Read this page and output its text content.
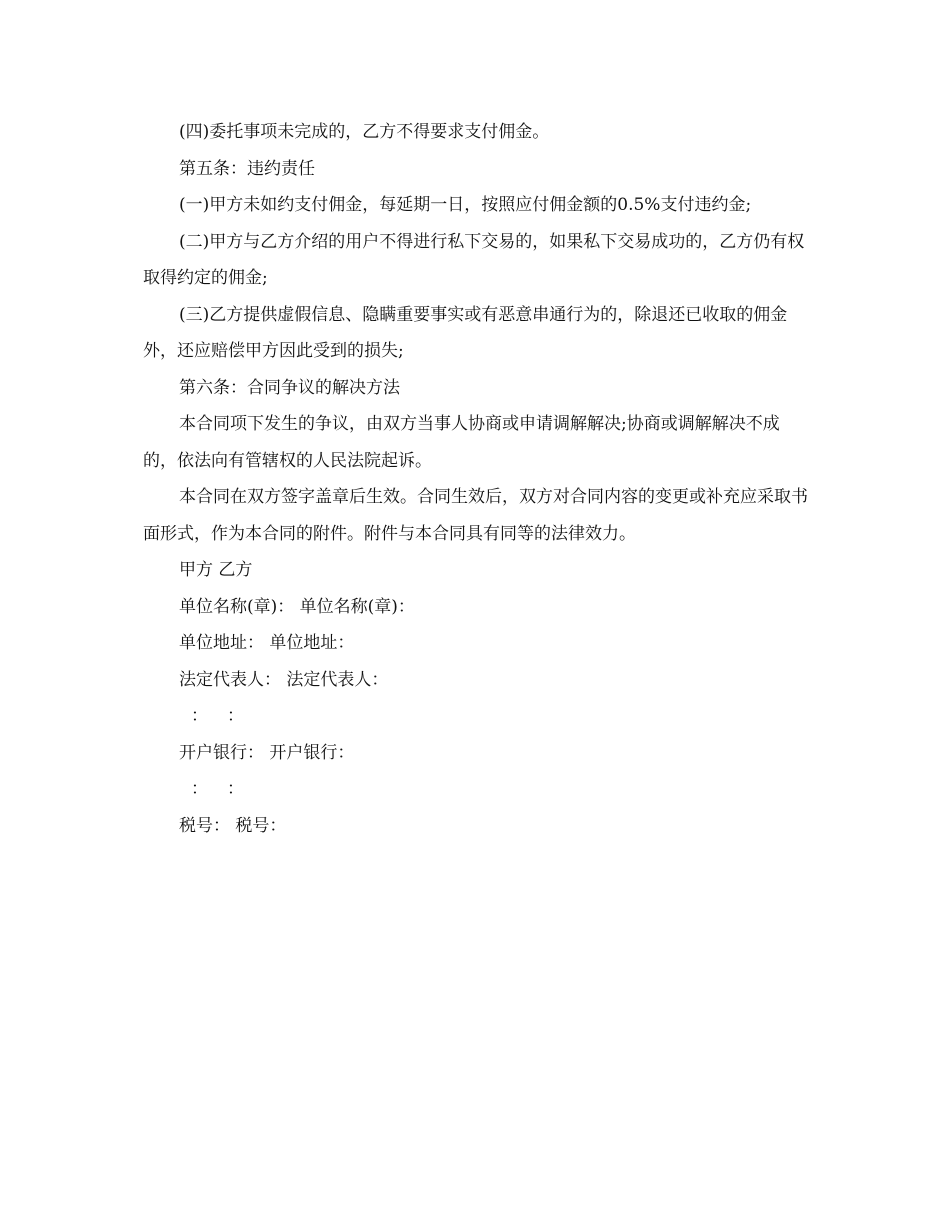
(四)委托事项未完成的，乙方不得要求支付佣金。

第五条：违约责任

(一)甲方未如约支付佣金，每延期一日，按照应付佣金额的0.5%支付违约金;

(二)甲方与乙方介绍的用户不得进行私下交易的，如果私下交易成功的，乙方仍有权取得约定的佣金;

(三)乙方提供虚假信息、隐瞒重要事实或有恶意串通行为的，除退还已收取的佣金外，还应赔偿甲方因此受到的损失;

第六条：合同争议的解决方法

本合同项下发生的争议，由双方当事人协商或申请调解解决;协商或调解解决不成的，依法向有管辖权的人民法院起诉。

本合同在双方签字盖章后生效。合同生效后，双方对合同内容的变更或补充应采取书面形式，作为本合同的附件。附件与本合同具有同等的法律效力。

甲方 乙方

单位名称(章)： 单位名称(章)：

单位地址： 单位地址：

法定代表人： 法定代表人：

： ：

开户银行： 开户银行：

： ：

税号： 税号：
